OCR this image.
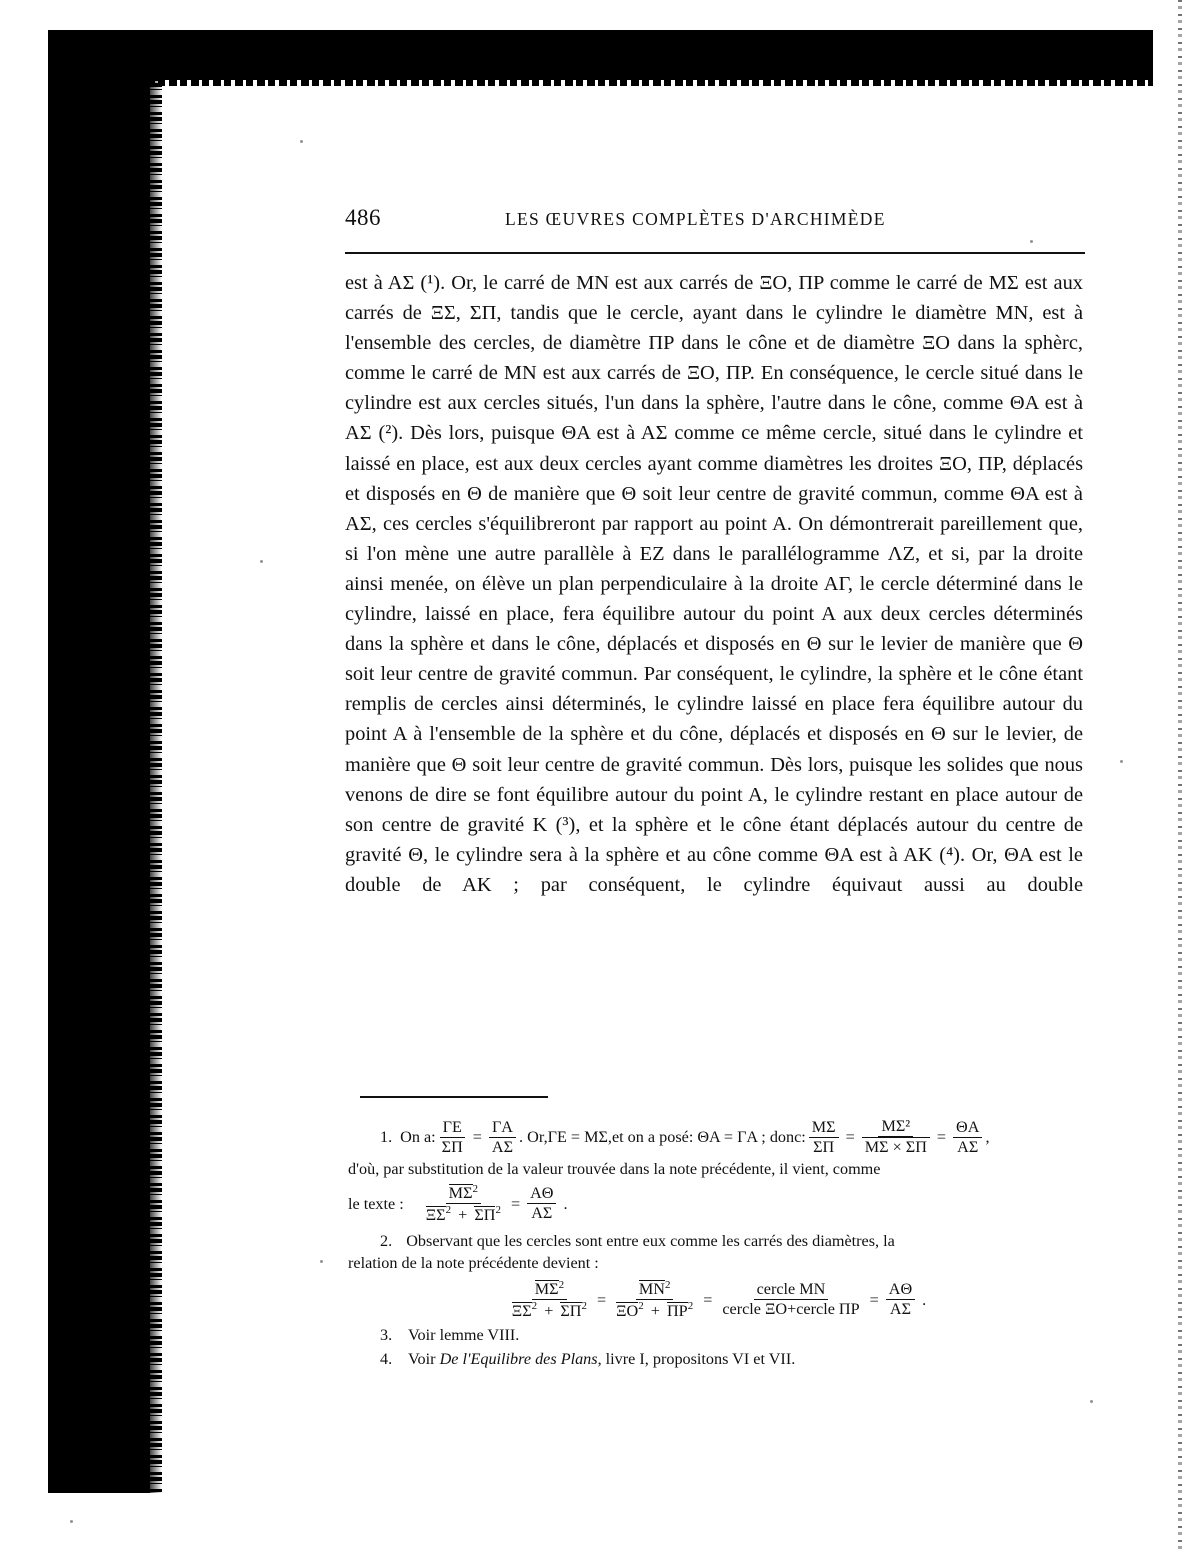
486	LES ŒUVRES COMPLÈTES D'ARCHIMÈDE

est à AΣ (¹). Or, le carré de MN est aux carrés de ΞO, ΠP comme le carré de MΣ est aux carrés de ΞΣ, ΣΠ, tandis que le cercle, ayant dans le cylindre le diamètre MN, est à l'ensemble des cercles, de diamètre ΠP dans le cône et de diamètre ΞO dans la sphèrc, comme le carré de MN est aux carrés de ΞO, ΠP. En conséquence, le cercle situé dans le cylindre est aux cercles situés, l'un dans la sphère, l'autre dans le cône, comme ΘA est à AΣ (²). Dès lors, puisque ΘA est à AΣ comme ce même cercle, situé dans le cylindre et laissé en place, est aux deux cercles ayant comme diamètres les droites ΞO, ΠP, déplacés et disposés en Θ de manière que Θ soit leur centre de gravité commun, comme ΘA est à AΣ, ces cercles s'équilibreront par rapport au point A. On démontrerait pareillement que, si l'on mène une autre parallèle à EZ dans le parallélogramme ΛZ, et si, par la droite ainsi menée, on élève un plan perpendiculaire à la droite AΓ, le cercle déterminé dans le cylindre, laissé en place, fera équilibre autour du point A aux deux cercles déterminés dans la sphère et dans le cône, déplacés et disposés en Θ sur le levier de manière que Θ soit leur centre de gravité commun. Par conséquent, le cylindre, la sphère et le cône étant remplis de cercles ainsi déterminés, le cylindre laissé en place fera équilibre autour du point A à l'ensemble de la sphère et du cône, déplacés et disposés en Θ sur le levier, de manière que Θ soit leur centre de gravité commun. Dès lors, puisque les solides que nous venons de dire se font équilibre autour du point A, le cylindre restant en place autour de son centre de gravité K (³), et la sphère et le cône étant déplacés autour du centre de gravité Θ, le cylindre sera à la sphère et au cône comme ΘA est à AK (⁴). Or, ΘA est le double de AK ; par conséquent, le cylindre équivaut aussi au double

1. On a: $\frac{\Gamma E}{\Sigma\Pi} = \frac{\Gamma A}{A\Sigma}$ . Or,ΓE = MΣ,et on a posé: ΘA = ΓA ; donc: $\frac{M\Sigma}{\Sigma\Pi} = \frac{\text{MΣ²}}{M\Sigma \times \Sigma\Pi} = \frac{\Theta A}{A\Sigma}$ ,
d'où, par substitution de la valeur trouvée dans la note précédente, il vient, comme
le texte : $\frac{M\Sigma^2}{\Xi\Sigma^2 + \Sigma\Pi^2} = \frac{A\Theta}{A\Sigma}$ .
2. Observant que les cercles sont entre eux comme les carrés des diamètres, la
relation de la note précédente devient :
$\frac{M\Sigma^2}{\Xi\Sigma^2 + \Sigma\Pi^2} = \frac{MN^2}{\Xi O^2 + \Pi P^2} = \frac{\text{cercle MN}}{\text{cercle ΞO+cercle ΠP}} = \frac{A\Theta}{A\Sigma}$ .
3. Voir lemme VIII.
4. Voir De l'Equilibre des Plans, livre I, propositons VI et VII.
